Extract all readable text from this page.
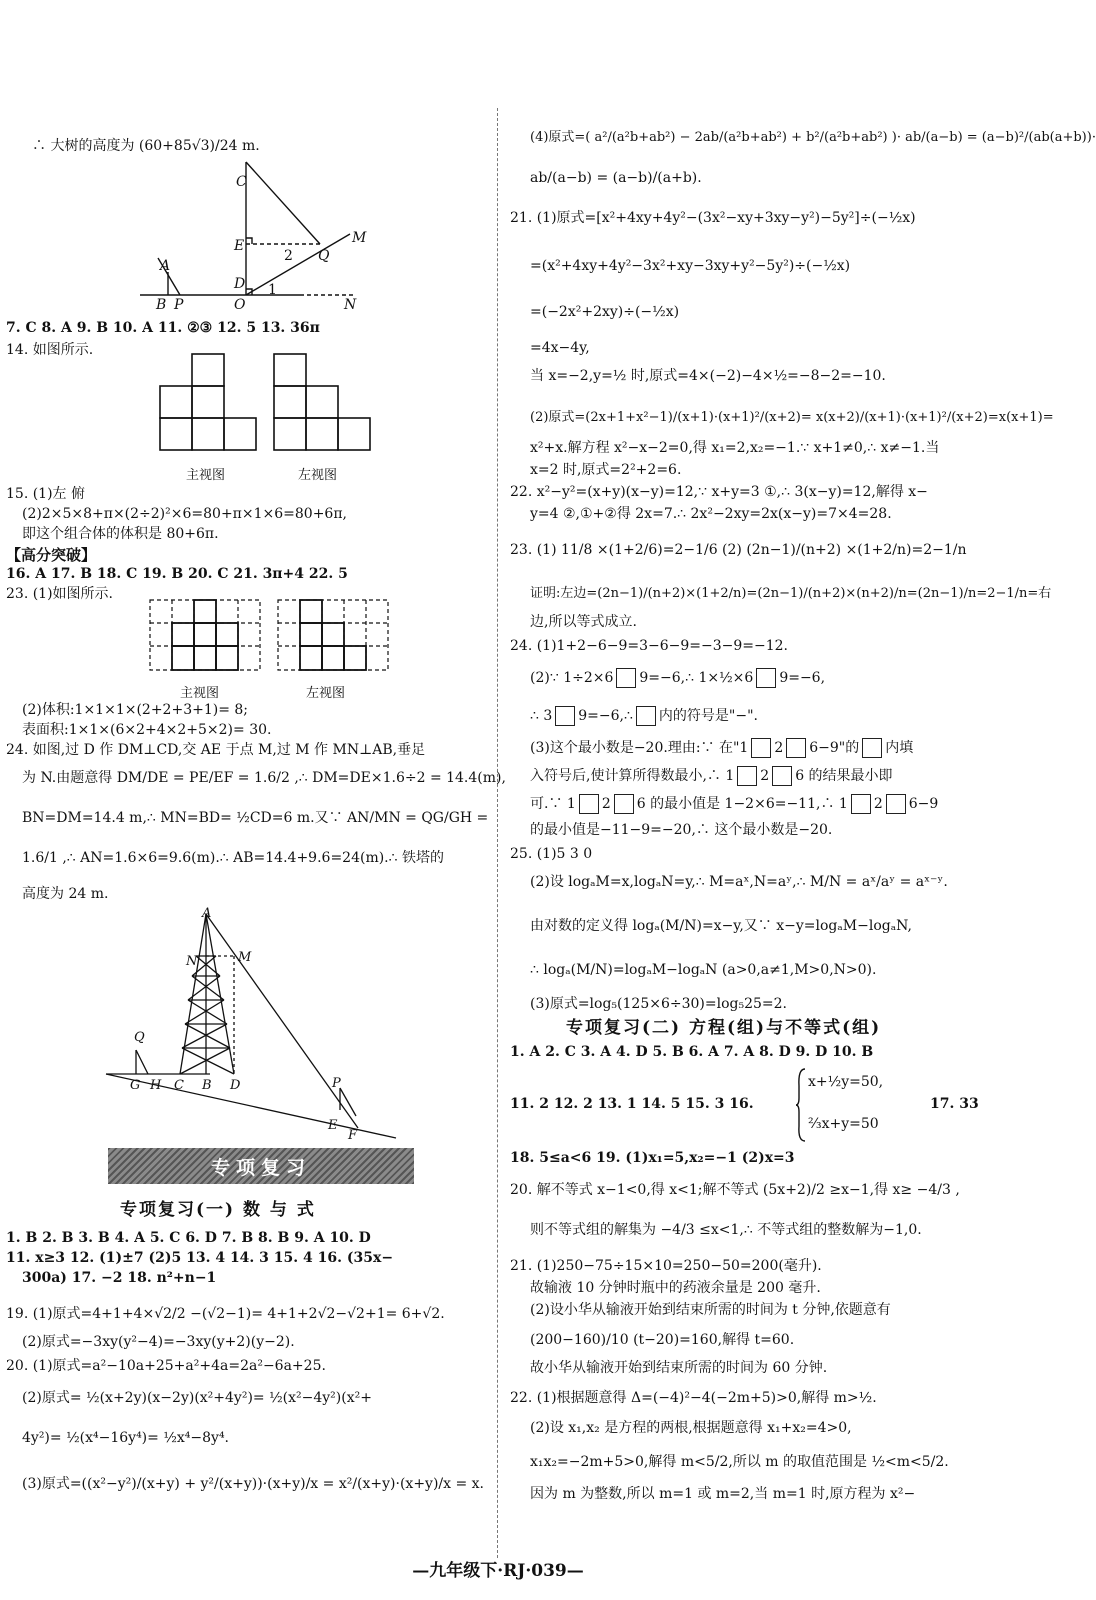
∴ 大树的高度为 (60+85√3)/24 m.
C
E
2 Q
M
A
D 1
B P	O	N
7. C 8. A 9. B 10. A 11. ②③ 12. 5 13. 36π
14. 如图所示.
主视图	左视图
15. (1)左 俯
(2)2×5×8+π×(2÷2)²×6=80+π×1×6=80+6π,
即这个组合体的体积是 80+6π.
【高分突破】
16. A 17. B 18. C 19. B 20. C 21. 3π+4 22. 5
23. (1)如图所示.
主视图	左视图
(2)体积:1×1×1×(2+2+3+1)= 8;
表面积:1×1×(6×2+4×2+5×2)= 30.
24. 如图,过 D 作 DM⊥CD,交 AE 于点 M,过 M 作 MN⊥AB,垂足
为 N.由题意得 DM/DE = PE/EF = 1.6/2 ,∴ DM=DE×1.6÷2 = 14.4(m),
BN=DM=14.4 m,∴ MN=BD= ½CD=6 m.又∵ AN/MN = QG/GH =
1.6/1 ,∴ AN=1.6×6=9.6(m).∴ AB=14.4+9.6=24(m).∴ 铁塔的
高度为 24 m.
A
N	M
Q
G H C B D	P
E
F
专项复习
专项复习(一) 数 与 式
1. B 2. B 3. B 4. A 5. C 6. D 7. B 8. B 9. A 10. D
11. x≥3 12. (1)±7 (2)5 13. 4 14. 3 15. 4 16. (35x−
300a) 17. −2 18. n²+n−1
19. (1)原式=4+1+4×√2/2 −(√2−1)= 4+1+2√2−√2+1= 6+√2.
(2)原式=−3xy(y²−4)=−3xy(y+2)(y−2).
20. (1)原式=a²−10a+25+a²+4a=2a²−6a+25.
(2)原式= ½(x+2y)(x−2y)(x²+4y²)= ½(x²−4y²)(x²+
4y²)= ½(x⁴−16y⁴)= ½x⁴−8y⁴.
(3)原式=((x²−y²)/(x+y) + y²/(x+y))·(x+y)/x = x²/(x+y)·(x+y)/x = x.
(4)原式=( a²/(a²b+ab²) − 2ab/(a²b+ab²) + b²/(a²b+ab²) )· ab/(a−b) = (a−b)²/(ab(a+b))·
ab/(a−b) = (a−b)/(a+b).
21. (1)原式=[x²+4xy+4y²−(3x²−xy+3xy−y²)−5y²]÷(−½x)
=(x²+4xy+4y²−3x²+xy−3xy+y²−5y²)÷(−½x)
=(−2x²+2xy)÷(−½x)
=4x−4y,
当 x=−2,y=½ 时,原式=4×(−2)−4×½=−8−2=−10.
(2)原式=(2x+1+x²−1)/(x+1)·(x+1)²/(x+2)= x(x+2)/(x+1)·(x+1)²/(x+2)=x(x+1)=
x²+x.解方程 x²−x−2=0,得 x₁=2,x₂=−1.∵ x+1≠0,∴ x≠−1.当
x=2 时,原式=2²+2=6.
22. x²−y²=(x+y)(x−y)=12,∵ x+y=3 ①,∴ 3(x−y)=12,解得 x−
y=4 ②,①+②得 2x=7.∴ 2x²−2xy=2x(x−y)=7×4=28.
23. (1) 11/8 ×(1+2/6)=2−1/6 (2) (2n−1)/(n+2) ×(1+2/n)=2−1/n
证明:左边=(2n−1)/(n+2)×(1+2/n)=(2n−1)/(n+2)×(n+2)/n=(2n−1)/n=2−1/n=右
边,所以等式成立.
24. (1)1+2−6−9=3−6−9=−3−9=−12.
(2)∵ 1÷2×6 9=−6,∴ 1×½×6 9=−6,
∴ 3 9=−6,∴ 内的符号是"−".
(3)这个最小数是−20.理由:∵ 在"1 2 6−9"的 内填
入符号后,使计算所得数最小,∴ 1 2 6 的结果最小即
可.∵ 1 2 6 的最小值是 1−2×6=−11,∴ 1 2 6−9
的最小值是−11−9=−20,∴ 这个最小数是−20.
25. (1)5 3 0
(2)设 logₐM=x,logₐN=y,∴ M=aˣ,N=aʸ,∴ M/N = aˣ/aʸ = aˣ⁻ʸ.
由对数的定义得 logₐ(M/N)=x−y,又∵ x−y=logₐM−logₐN,
∴ logₐ(M/N)=logₐM−logₐN (a>0,a≠1,M>0,N>0).
(3)原式=log₅(125×6÷30)=log₅25=2.
专项复习(二) 方程(组)与不等式(组)
1. A 2. C 3. A 4. D 5. B 6. A 7. A 8. D 9. D 10. B
11. 2 12. 2 13. 1 14. 5 15. 3 16.
x+½y=50,
⅔x+y=50
17. 33
18. 5≤a<6 19. (1)x₁=5,x₂=−1 (2)x=3
20. 解不等式 x−1<0,得 x<1;解不等式 (5x+2)/2 ≥x−1,得 x≥ −4/3 ,
则不等式组的解集为 −4/3 ≤x<1,∴ 不等式组的整数解为−1,0.
21. (1)250−75÷15×10=250−50=200(毫升).
故输液 10 分钟时瓶中的药液余量是 200 毫升.
(2)设小华从输液开始到结束所需的时间为 t 分钟,依题意有
(200−160)/10 (t−20)=160,解得 t=60.
故小华从输液开始到结束所需的时间为 60 分钟.
22. (1)根据题意得 Δ=(−4)²−4(−2m+5)>0,解得 m>½.
(2)设 x₁,x₂ 是方程的两根,根据题意得 x₁+x₂=4>0,
x₁x₂=−2m+5>0,解得 m<5/2,所以 m 的取值范围是 ½<m<5/2.
因为 m 为整数,所以 m=1 或 m=2,当 m=1 时,原方程为 x²−
—九年级下·RJ·039—
